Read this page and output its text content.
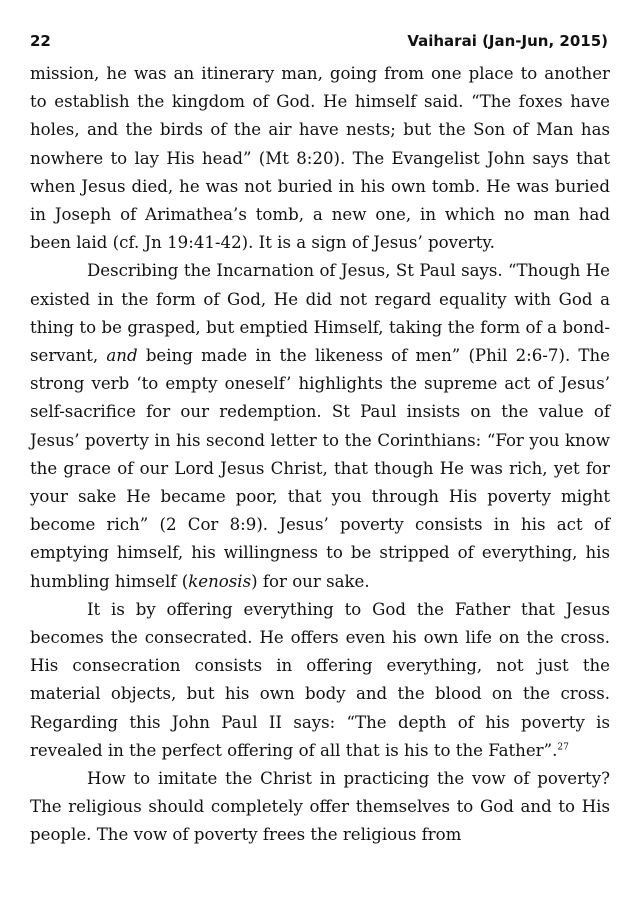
22	Vaiharai (Jan-Jun, 2015)

mission, he was an itinerary man, going from one place to another to establish the kingdom of God. He himself said. “The foxes have holes, and the birds of the air have nests; but the Son of Man has nowhere to lay His head” (Mt 8:20). The Evangelist John says that when Jesus died, he was not buried in his own tomb. He was buried in Joseph of Arimathea’s tomb, a new one, in which no man had been laid (cf. Jn 19:41-42). It is a sign of Jesus’ poverty.

Describing the Incarnation of Jesus, St Paul says. “Though He existed in the form of God, He did not regard equality with God a thing to be grasped, but emptied Himself, taking the form of a bond-servant, and being made in the likeness of men” (Phil 2:6-7). The strong verb ‘to empty oneself’ highlights the supreme act of Jesus’ self-sacrifice for our redemption. St Paul insists on the value of Jesus’ poverty in his second letter to the Corinthians: “For you know the grace of our Lord Jesus Christ, that though He was rich, yet for your sake He became poor, that you through His poverty might become rich” (2 Cor 8:9). Jesus’ poverty consists in his act of emptying himself, his willingness to be stripped of everything, his humbling himself (kenosis) for our sake.

It is by offering everything to God the Father that Jesus becomes the consecrated. He offers even his own life on the cross. His consecration consists in offering everything, not just the material objects, but his own body and the blood on the cross. Regarding this John Paul II says: “The depth of his poverty is revealed in the perfect offering of all that is his to the Father”.$^{27}$

How to imitate the Christ in practicing the vow of poverty? The religious should completely offer themselves to God and to His people. The vow of poverty frees the religious from
